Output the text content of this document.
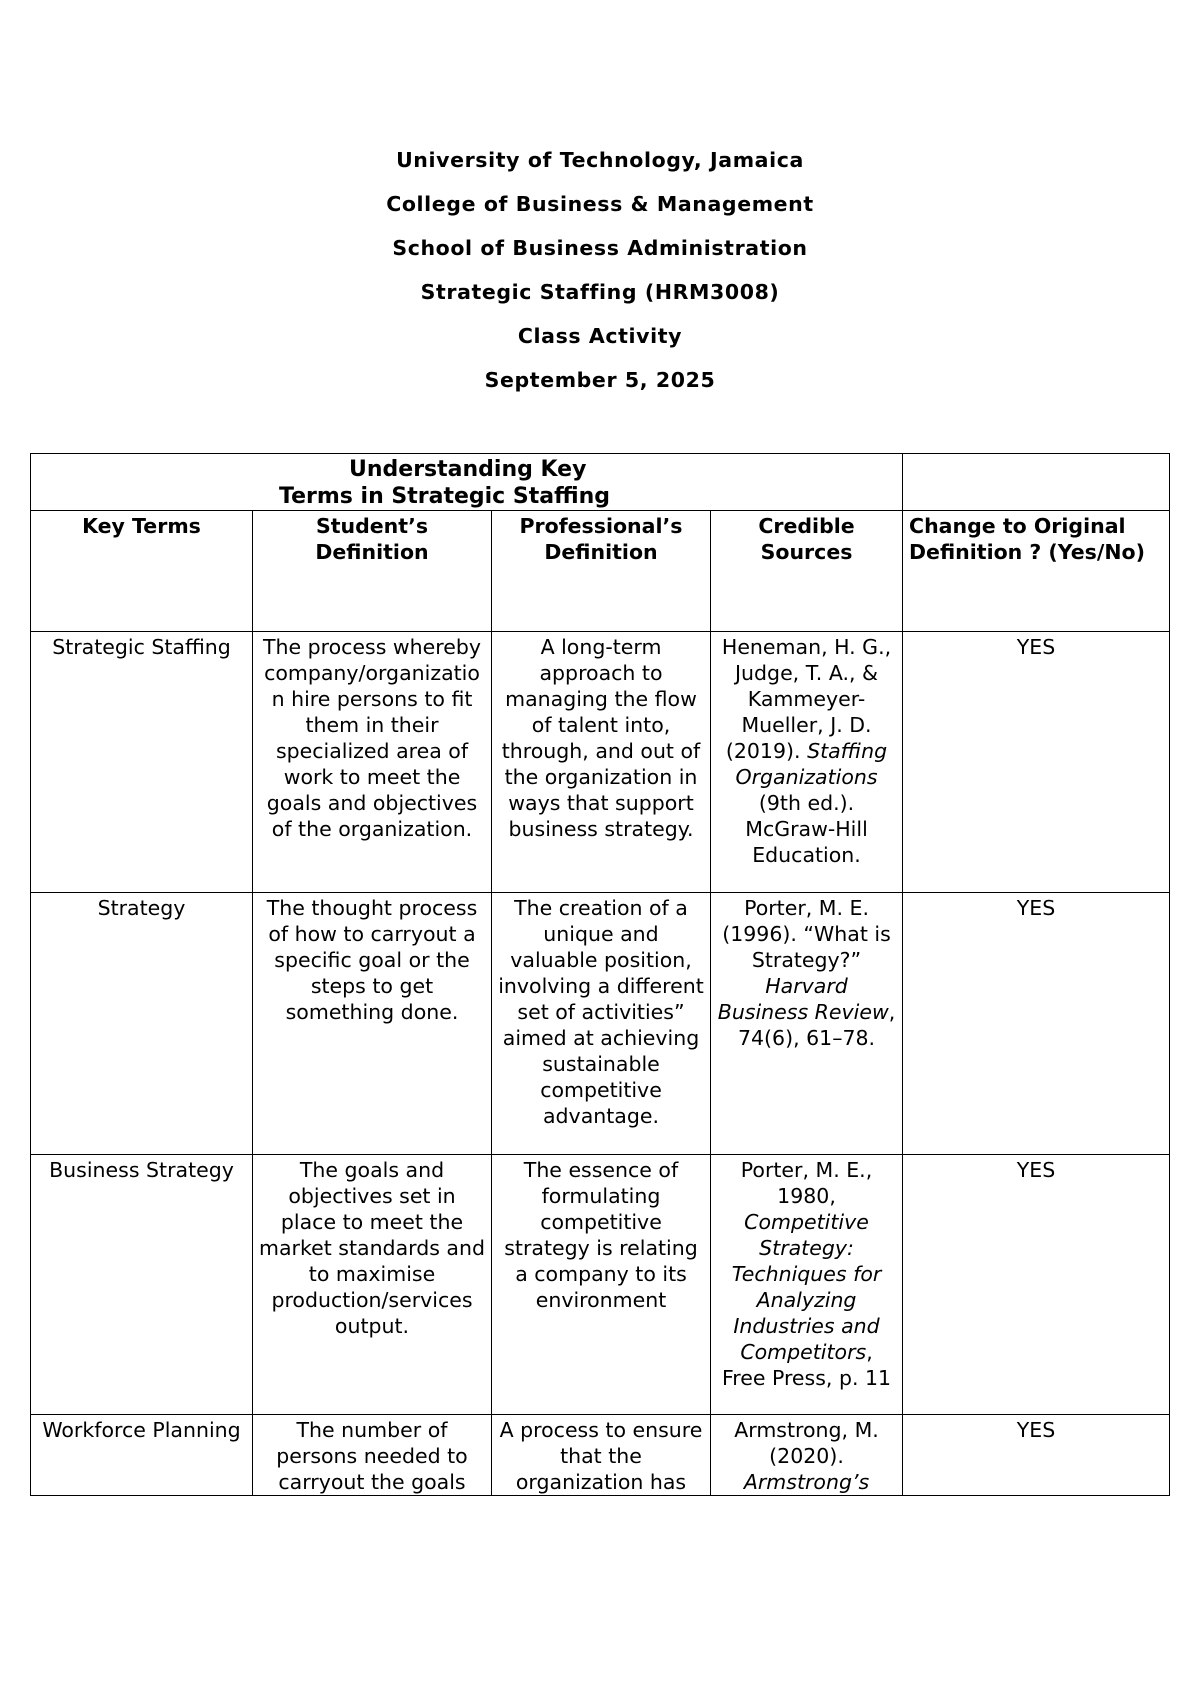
University of Technology, Jamaica
College of Business & Management
School of Business Administration
Strategic Staffing (HRM3008)
Class Activity
September 5, 2025
Understanding Key
Terms in Strategic Staffing				

Key Terms	Student’s Definition	Professional’s Definition	Credible Sources	Change to Original Definition ? (Yes/No)
Strategic Staffing	The process whereby company/organization hire persons to fit them in their specialized area of work to meet the goals and objectives of the organization.	A long-term approach to managing the flow of talent into, through, and out of the organization in ways that support business strategy.	Heneman, H. G., Judge, T. A., & Kammeyer-Mueller, J. D. (2019). Staffing Organizations (9th ed.). McGraw-Hill Education.	YES
Strategy	The thought process of how to carryout a specific goal or the steps to get something done.	The creation of a unique and valuable position, involving a different set of activities” aimed at achieving sustainable competitive advantage.	Porter, M. E. (1996). “What is Strategy?” Harvard Business Review, 74(6), 61–78.	YES
Business Strategy	The goals and objectives set in place to meet the market standards and to maximise production/services output.	The essence of formulating competitive strategy is relating a company to its environment	Porter, M. E., 1980, Competitive Strategy: Techniques for Analyzing Industries and Competitors, Free Press, p. 11	YES
Workforce Planning	The number of persons needed to carryout the goals	A process to ensure that the organization has	Armstrong, M. (2020). Armstrong’s	YES
